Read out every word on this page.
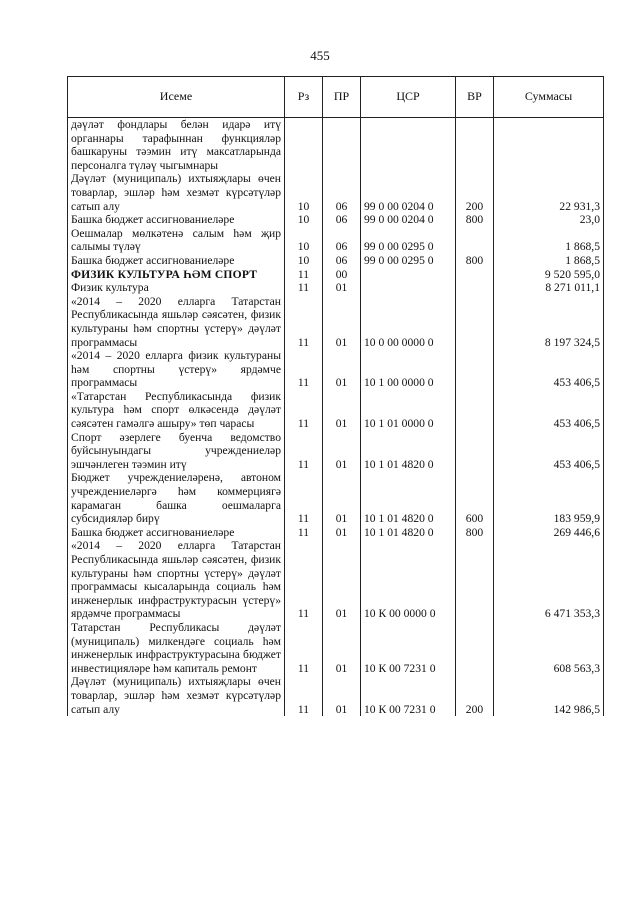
455
Исеме	Рз	ПР	ЦСР	ВР	Суммасы
дәүләт фондлары белән идарә итү органнары тарафыннан функцияләр башкаруны тәэмин итү максатларында персоналга түләү чыгымнары					
Дәүләт (муниципаль) ихтыяҗлары өчен товарлар, эшләр һәм хезмәт күрсәтүләр сатып алу	10	06	99 0 00 0204 0	200	22 931,3
Башка бюджет ассигнованиеләре	10	06	99 0 00 0204 0	800	23,0
Оешмалар мөлкәтенә салым һәм җир салымы түләү	10	06	99 0 00 0295 0		1 868,5
Башка бюджет ассигнованиеләре	10	06	99 0 00 0295 0	800	1 868,5
ФИЗИК КУЛЬТУРА ҺӘМ СПОРТ	11	00			9 520 595,0
Физик культура	11	01			8 271 011,1
«2014 – 2020 елларга Татарстан Республикасында яшьләр сәясәтен, физик культураны һәм спортны үстерү» дәүләт программасы	11	01	10 0 00 0000 0		8 197 324,5
«2014 – 2020 елларга физик культураны һәм спортны үстерү» ярдәмче программасы	11	01	10 1 00 0000 0		453 406,5
«Татарстан Республикасында физик культура һәм спорт өлкәсендә дәүләт сәясәтен гамәлгә ашыру» төп чарасы	11	01	10 1 01 0000 0		453 406,5
Спорт әзерлеге буенча ведомство буйсынуындагы учреждениеләр эшчәнлеген тәэмин итү	11	01	10 1 01 4820 0		453 406,5
Бюджет учреждениеләренә, автоном учреждениеләргә һәм коммерциягә карамаган башка оешмаларга субсидияләр бирү	11	01	10 1 01 4820 0	600	183 959,9
Башка бюджет ассигнованиеләре	11	01	10 1 01 4820 0	800	269 446,6
«2014 – 2020 елларга Татарстан Республикасында яшьләр сәясәтен, физик культураны һәм спортны үстерү» дәүләт программасы кысаларында социаль һәм инженерлык инфраструктурасын үстерү» ярдәмче программасы	11	01	10 К 00 0000 0		6 471 353,3
Татарстан Республикасы дәүләт (муниципаль) милкендәге социаль һәм инженерлык инфраструктурасына бюджет инвестицияләре һәм капиталь ремонт	11	01	10 К 00 7231 0		608 563,3
Дәүләт (муниципаль) ихтыяҗлары өчен товарлар, эшләр һәм хезмәт күрсәтүләр сатып алу	11	01	10 К 00 7231 0	200	142 986,5
